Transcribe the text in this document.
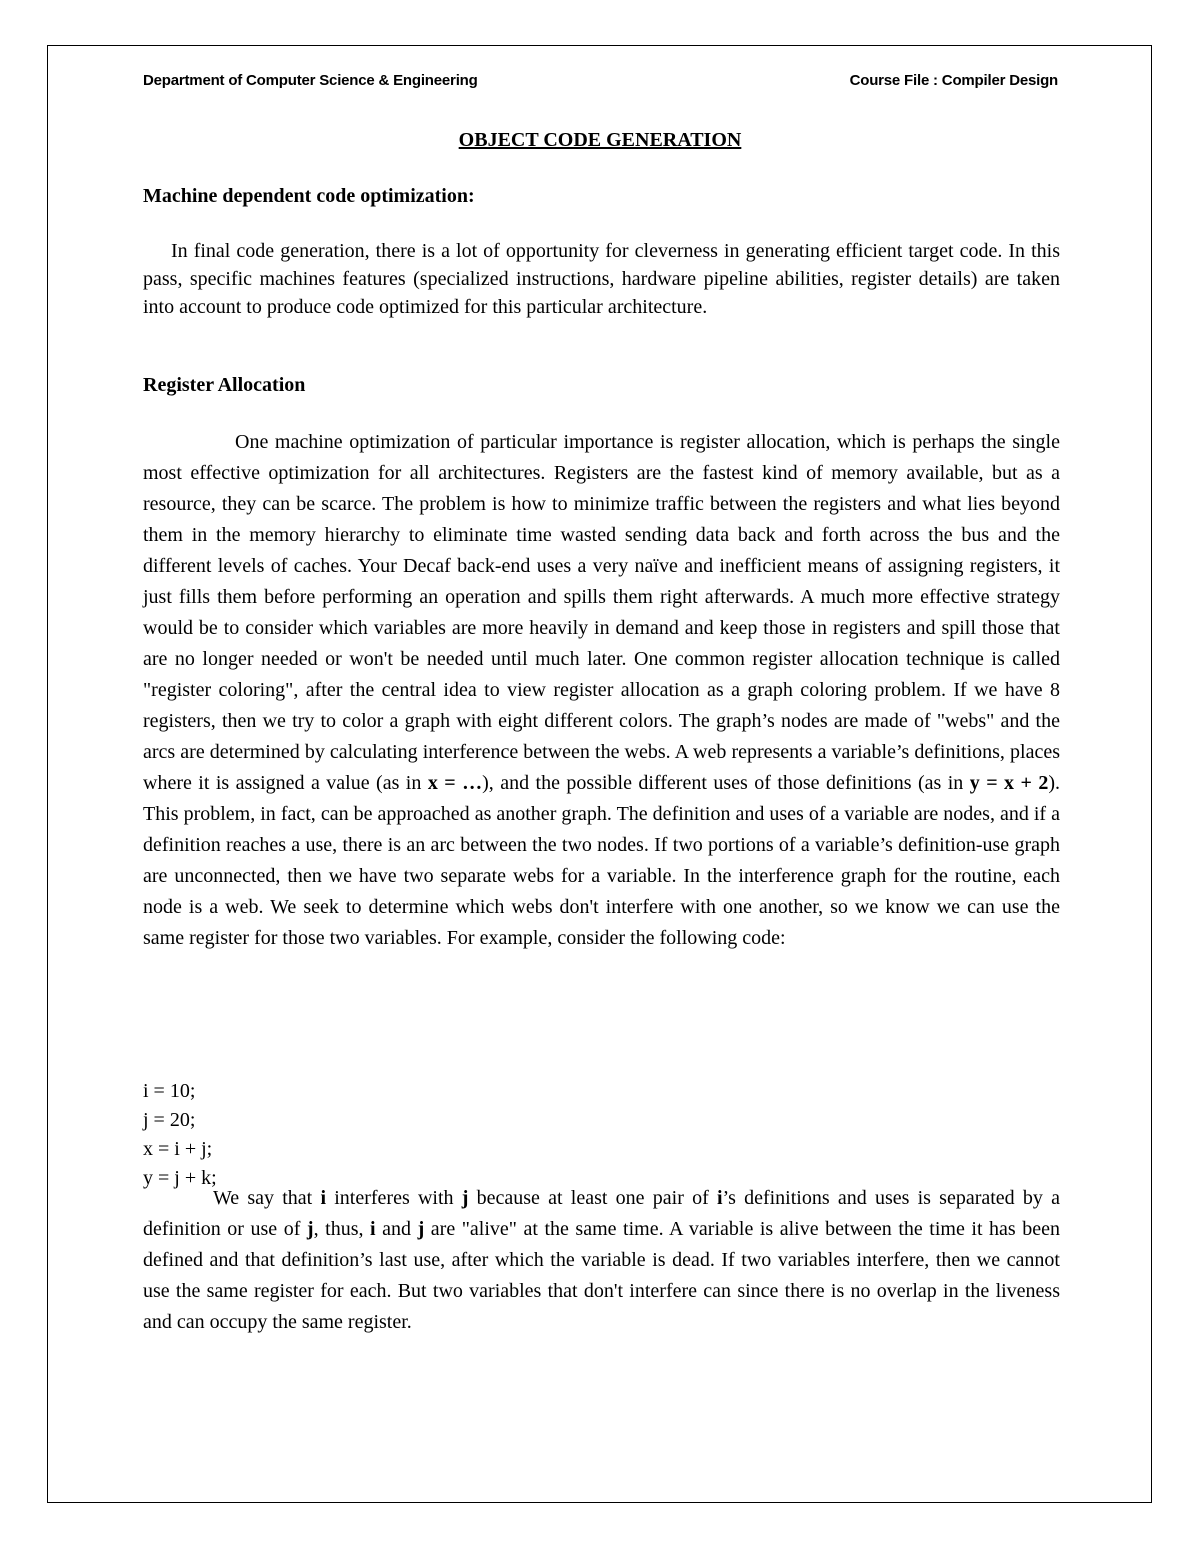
Department of Computer Science & Engineering	Course File : Compiler Design
OBJECT CODE GENERATION
Machine dependent code optimization:

In final code generation, there is a lot of opportunity for cleverness in generating efficient target code. In this pass, specific machines features (specialized instructions, hardware pipeline abilities, register details) are taken into account to produce code optimized for this particular architecture.

Register Allocation

One machine optimization of particular importance is register allocation, which is perhaps the single most effective optimization for all architectures. Registers are the fastest kind of memory available, but as a resource, they can be scarce. The problem is how to minimize traffic between the registers and what lies beyond them in the memory hierarchy to eliminate time wasted sending data back and forth across the bus and the different levels of caches. Your Decaf back-end uses a very naïve and inefficient means of assigning registers, it just fills them before performing an operation and spills them right afterwards. A much more effective strategy would be to consider which variables are more heavily in demand and keep those in registers and spill those that are no longer needed or won't be needed until much later. One common register allocation technique is called "register coloring", after the central idea to view register allocation as a graph coloring problem. If we have 8 registers, then we try to color a graph with eight different colors. The graph’s nodes are made of "webs" and the arcs are determined by calculating interference between the webs. A web represents a variable’s definitions, places where it is assigned a value (as in x = …), and the possible different uses of those definitions (as in y = x + 2). This problem, in fact, can be approached as another graph. The definition and uses of a variable are nodes, and if a definition reaches a use, there is an arc between the two nodes. If two portions of a variable’s definition-use graph are unconnected, then we have two separate webs for a variable. In the interference graph for the routine, each node is a web. We seek to determine which webs don't interfere with one another, so we know we can use the same register for those two variables. For example, consider the following code:

i = 10;
j = 20;
x = i + j;
y = j + k;

We say that i interferes with j because at least one pair of i’s definitions and uses is separated by a definition or use of j, thus, i and j are "alive" at the same time. A variable is alive between the time it has been defined and that definition’s last use, after which the variable is dead. If two variables interfere, then we cannot use the same register for each. But two variables that don't interfere can since there is no overlap in the liveness and can occupy the same register.
